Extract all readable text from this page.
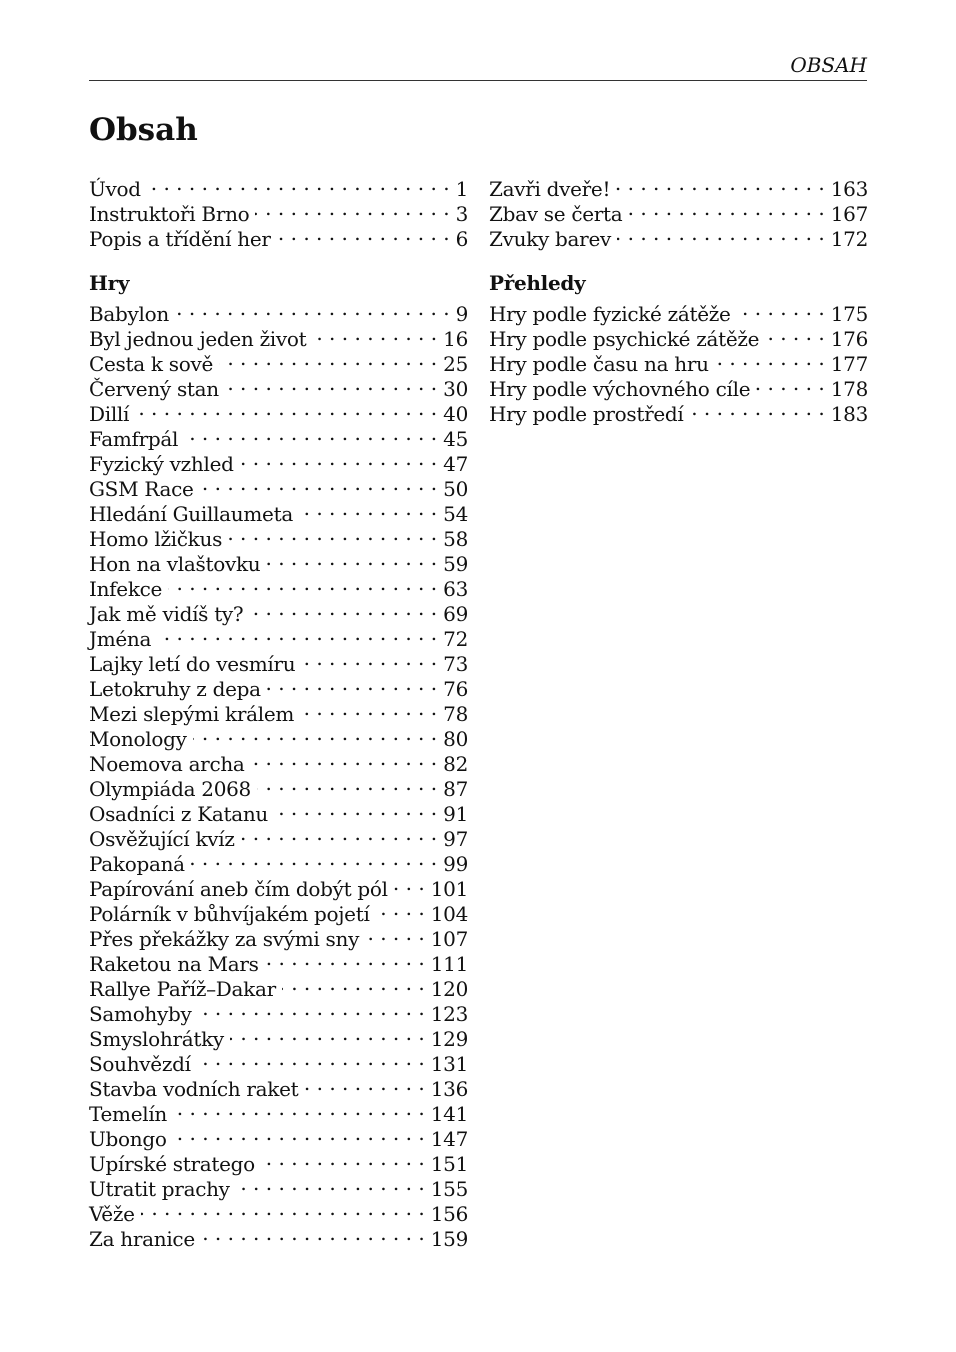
OBSAH
Obsah
Úvod . . .	1
Instruktoři Brno . . .	3
Popis a třídění her . . .	6
Hry
Babylon . . .	9
Byl jednou jeden život . . .	16
Cesta k sově . . .	25
Červený stan . . .	30
Dillí . . .	40
Famfrpál . . .	45
Fyzický vzhled . . .	47
GSM Race . . .	50
Hledání Guillaumeta . . .	54
Homo lžičkus . . .	58
Hon na vlaštovku . . .	59
Infekce . . .	63
Jak mě vidíš ty? . . .	69
Jména . . .	72
Lajky letí do vesmíru . . .	73
Letokruhy z depa . . .	76
Mezi slepými králem . . .	78
Monology . . .	80
Noemova archa . . .	82
Olympiáda 2068 . . .	87
Osadníci z Katanu . . .	91
Osvěžující kvíz . . .	97
Pakopaná . . .	99
Papírování aneb čím dobýt pól . . .	101
Polárník v bůhvíjakém pojetí . . .	104
Přes překážky za svými sny . . .	107
Raketou na Mars . . .	111
Rallye Paříž–Dakar . . .	120
Samohyby . . .	123
Smyslohrátky . . .	129
Souhvězdí . . .	131
Stavba vodních raket . . .	136
Temelín . . .	141
Ubongo . . .	147
Upírské stratego . . .	151
Utratit prachy . . .	155
Věže . . .	156
Za hranice . . .	159
Zavři dveře! . . .	163
Zbav se čerta . . .	167
Zvuky barev . . .	172
Přehledy
Hry podle fyzické zátěže . . .	175
Hry podle psychické zátěže . . .	176
Hry podle času na hru . . .	177
Hry podle výchovného cíle . . .	178
Hry podle prostředí . . .	183
